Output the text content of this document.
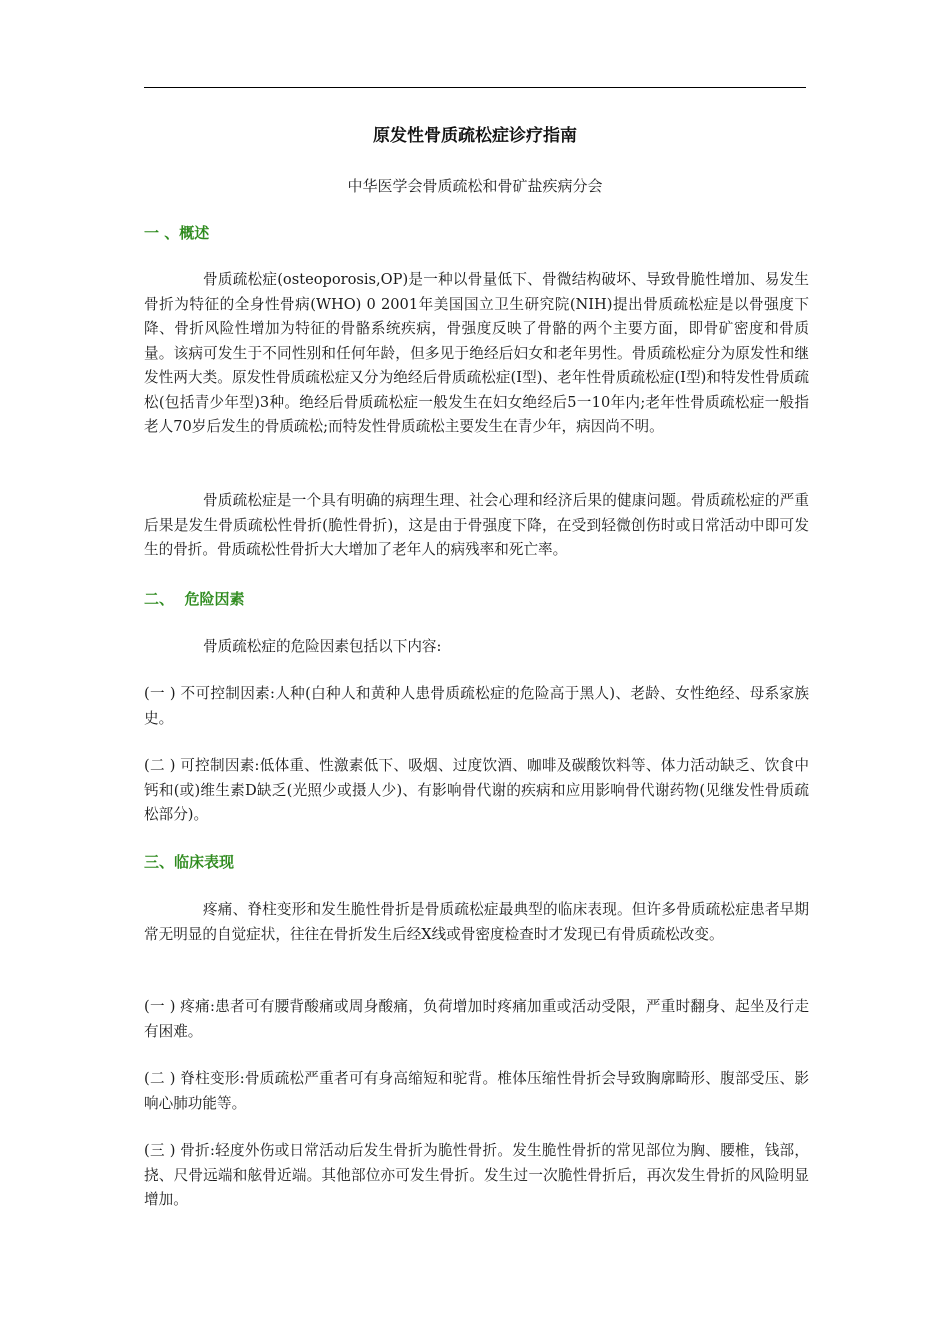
原发性骨质疏松症诊疗指南
中华医学会骨质疏松和骨矿盐疾病分会
一 、概述
骨质疏松症(osteoporosis,OP)是一种以骨量低下、骨微结构破坏、导致骨脆性增加、易发生骨折为特征的全身性骨病(WHO) 0 2001年美国国立卫生研究院(NIH)提出骨质疏松症是以骨强度下降、骨折风险性增加为特征的骨骼系统疾病，骨强度反映了骨骼的两个主要方面，即骨矿密度和骨质量。该病可发生于不同性别和任何年龄，但多见于绝经后妇女和老年男性。骨质疏松症分为原发性和继发性两大类。原发性骨质疏松症又分为绝经后骨质疏松症(I型)、老年性骨质疏松症(I型)和特发性骨质疏松(包括青少年型)3种。绝经后骨质疏松症一般发生在妇女绝经后5一10年内;老年性骨质疏松症一般指老人70岁后发生的骨质疏松;而特发性骨质疏松主要发生在青少年，病因尚不明。
骨质疏松症是一个具有明确的病理生理、社会心理和经济后果的健康问题。骨质疏松症的严重后果是发生骨质疏松性骨折(脆性骨折)，这是由于骨强度下降，在受到轻微创伤时或日常活动中即可发生的骨折。骨质疏松性骨折大大增加了老年人的病残率和死亡率。
二、  危险因素
骨质疏松症的危险因素包括以下内容:
(一 ) 不可控制因素:人种(白种人和黄种人患骨质疏松症的危险高于黑人)、老龄、女性绝经、母系家族史。
(二 ) 可控制因素:低体重、性激素低下、吸烟、过度饮酒、咖啡及碳酸饮料等、体力活动缺乏、饮食中钙和(或)维生素D缺乏(光照少或摄人少)、有影响骨代谢的疾病和应用影响骨代谢药物(见继发性骨质疏松部分)。
三、临床表现
疼痛、脊柱变形和发生脆性骨折是骨质疏松症最典型的临床表现。但许多骨质疏松症患者早期常无明显的自觉症状，往往在骨折发生后经X线或骨密度检查时才发现已有骨质疏松改变。
(一 ) 疼痛:患者可有腰背酸痛或周身酸痛，负荷增加时疼痛加重或活动受限，严重时翻身、起坐及行走有困难。
(二 ) 脊柱变形:骨质疏松严重者可有身高缩短和驼背。椎体压缩性骨折会导致胸廓畸形、腹部受压、影响心肺功能等。
(三 ) 骨折:轻度外伤或日常活动后发生骨折为脆性骨折。发生脆性骨折的常见部位为胸、腰椎，钱部，挠、尺骨远端和舷骨近端。其他部位亦可发生骨折。发生过一次脆性骨折后，再次发生骨折的风险明显增加。
